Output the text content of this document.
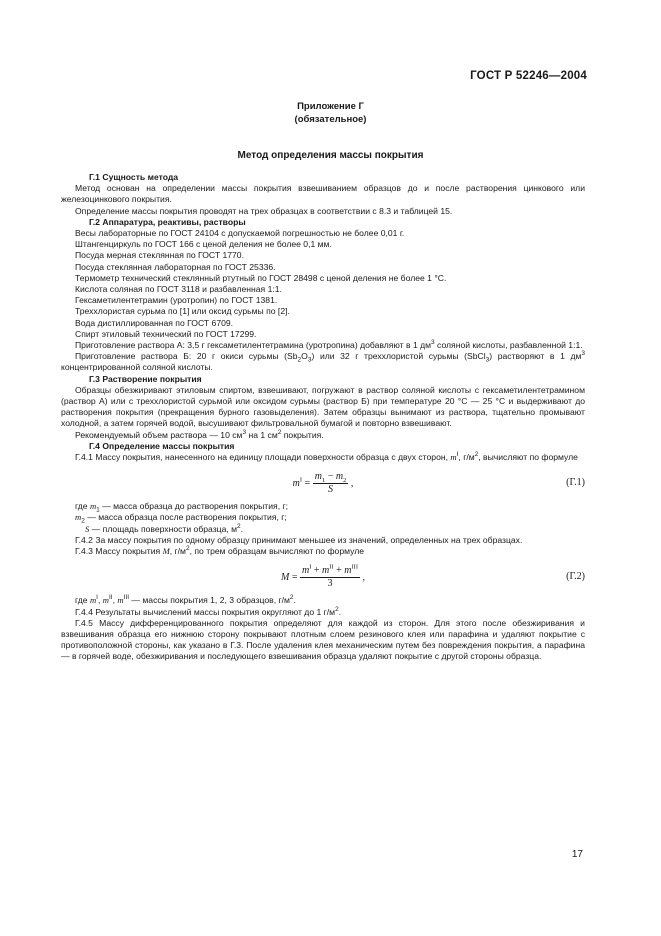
ГОСТ Р 52246—2004
Приложение Г
(обязательное)
Метод определения массы покрытия

Г.1 Сущность метода

Метод основан на определении массы покрытия взвешиванием образцов до и после растворения цинкового или железоцинкового покрытия.

Определение массы покрытия проводят на трех образцах в соответствии с 8.3 и таблицей 15.

Г.2 Аппаратура, реактивы, растворы

Весы лабораторные по ГОСТ 24104 с допускаемой погрешностью не более 0,01 г.

Штангенциркуль по ГОСТ 166 с ценой деления не более 0,1 мм.

Посуда мерная стеклянная по ГОСТ 1770.

Посуда стеклянная лабораторная по ГОСТ 25336.

Термометр технический стеклянный ртутный по ГОСТ 28498 с ценой деления не более 1 °С.

Кислота соляная по ГОСТ 3118 и разбавленная 1:1.

Гексаметилентетрамин (уротропин) по ГОСТ 1381.

Треххлористая сурьма по [1] или оксид сурьмы по [2].

Вода дистиллированная по ГОСТ 6709.

Спирт этиловый технический по ГОСТ 17299.

Приготовление раствора А: 3,5 г гексаметилентетрамина (уротропина) добавляют в 1 $дм^3$ соляной кислоты, разбавленной 1:1.

Приготовление раствора Б: 20 г окиси сурьмы $(Sb_2O_3)$ или 32 г треххлористой сурьмы (SbCl$_3$) растворяют в 1 $дм^3$ концентрированной соляной кислоты.

Г.3 Растворение покрытия

Образцы обезжиривают этиловым спиртом, взвешивают, погружают в раствор соляной кислоты с гексаметилентетрамином (раствор А) или с треххлористой сурьмой или оксидом сурьмы (раствор Б) при температуре 20 °С — 25 °С и выдерживают до растворения покрытия (прекращения бурного газовыделения). Затем образцы вынимают из раствора, тщательно промывают холодной, а затем горячей водой, высушивают фильтровальной бумагой и повторно взвешивают.

Рекомендуемый объем раствора — 10 $см^3$ на 1 $см^2$ покрытия.

Г.4 Определение массы покрытия

Г.4.1 Массу покрытия, нанесенного на единицу площади поверхности образца с двух сторон, $m^I$, $г/м^2$, вычисляют по формуле

$m^I = \frac{m_1 - m_2}{S}$ ,	(Г.1)

где $m_1$ — масса образца до растворения покрытия, г;

$m_2$ — масса образца после растворения покрытия, г;

S — площадь поверхности образца, $м^2$.

Г.4.2 За массу покрытия по одному образцу принимают меньшее из значений, определенных на трех образцах.

Г.4.3 Массу покрытия M, $г/м^2$, по трем образцам вычисляют по формуле

$M = \frac{m^I + m^{II} + m^{III}}{3}$ ,	(Г.2)

где $m^I$, $m^{II}$, $m^{III}$ — массы покрытия 1, 2, 3 образцов, $г/м^2$.

Г.4.4 Результаты вычислений массы покрытия округляют до 1 $г/м^2$.

Г.4.5 Массу дифференцированного покрытия определяют для каждой из сторон. Для этого после обезжиривания и взвешивания образца его нижнюю сторону покрывают плотным слоем резинового клея или парафина и удаляют покрытие с противоположной стороны, как указано в Г.3. После удаления клея механическим путем без повреждения покрытия, а парафина — в горячей воде, обезжиривания и последующего взвешивания образца удаляют покрытие с другой стороны образца.

17
